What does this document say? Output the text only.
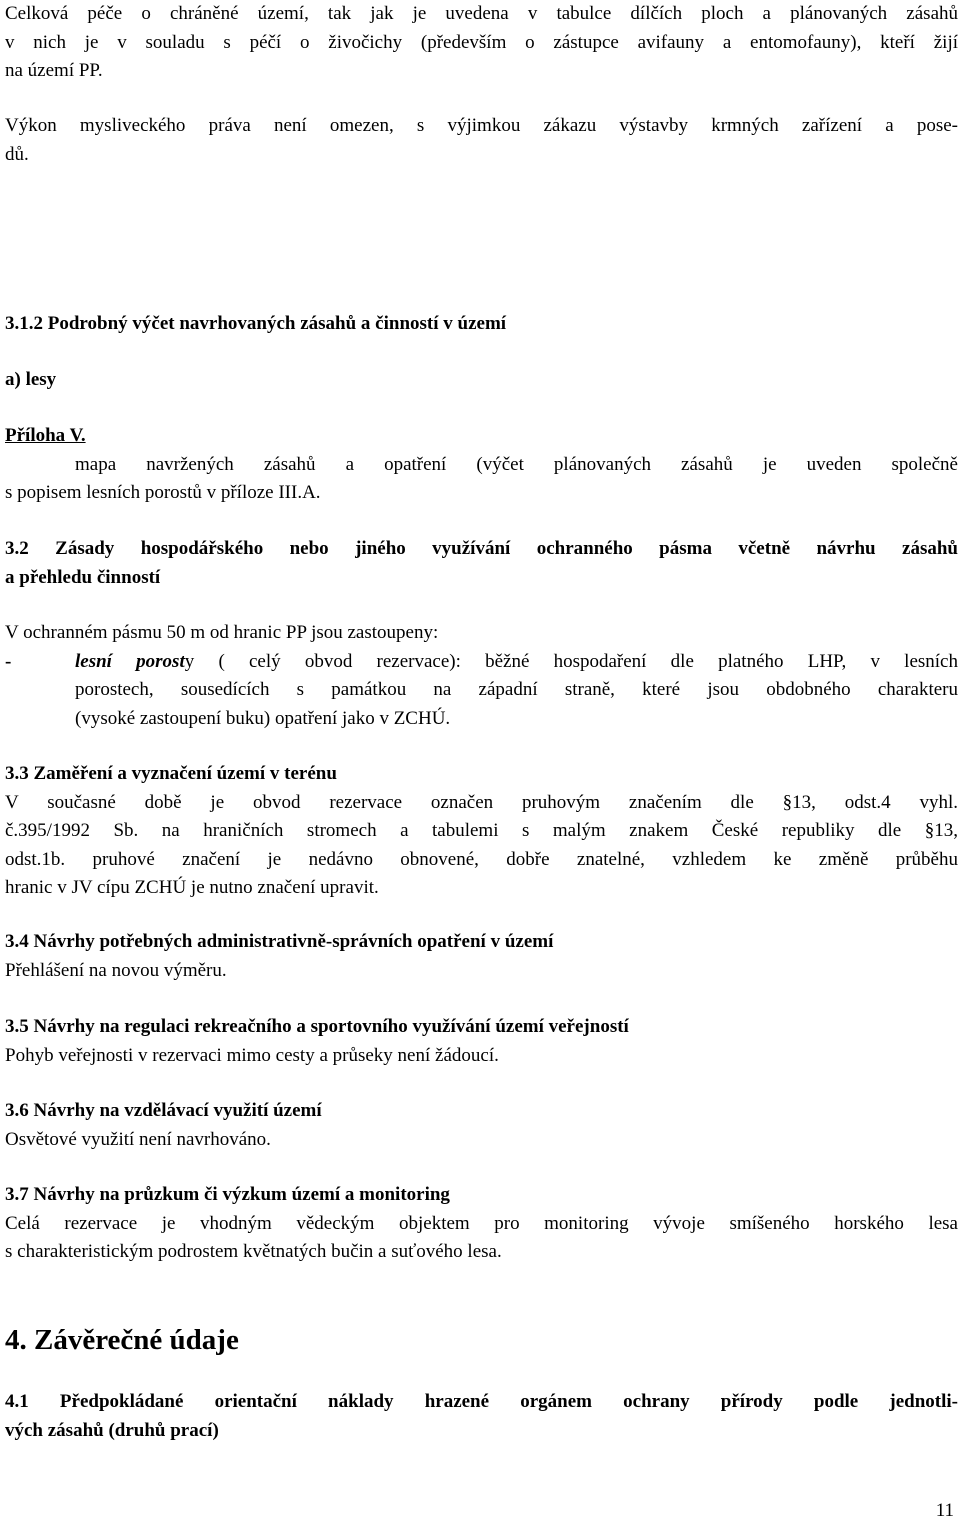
Celková péče o chráněné území, tak jak je uvedena v tabulce dílčích ploch a plánovaných zásahů
v nich je v souladu s péčí o živočichy (především o zástupce avifauny a entomofauny), kteří žijí
na území PP.
Výkon mysliveckého práva není omezen, s výjimkou zákazu výstavby krmných zařízení a pose-
dů.
3.1.2 Podrobný výčet navrhovaných zásahů a činností v území
a) lesy
Příloha V.
mapa navržených zásahů a opatření (výčet plánovaných zásahů je uveden společně
s popisem lesních porostů v příloze III.A.
3.2 Zásady hospodářského nebo jiného využívání ochranného pásma včetně návrhu zásahů
a přehledu činností
V ochranném pásmu 50 m od hranic PP jsou zastoupeny:
-	lesní porosty ( celý obvod rezervace): běžné hospodaření dle platného LHP, v lesních
porostech, sousedících s památkou na západní straně, které jsou obdobného charakteru
(vysoké zastoupení buku) opatření jako v ZCHÚ.
3.3 Zaměření a vyznačení území v terénu
V současné době je obvod rezervace označen pruhovým značením dle §13, odst.4 vyhl.
č.395/1992 Sb. na hraničních stromech a tabulemi s malým znakem České republiky dle §13,
odst.1b. pruhové značení je nedávno obnovené, dobře znatelné, vzhledem ke změně průběhu
hranic v JV cípu ZCHÚ je nutno značení upravit.
3.4 Návrhy potřebných administrativně-správních opatření v území
Přehlášení na novou výměru.
3.5 Návrhy na regulaci rekreačního a sportovního využívání území veřejností
Pohyb veřejnosti v rezervaci mimo cesty a průseky není žádoucí.
3.6 Návrhy na vzdělávací využití území
Osvětové využití není navrhováno.
3.7 Návrhy na průzkum či výzkum území a monitoring
Celá rezervace je vhodným vědeckým objektem pro monitoring vývoje smíšeného horského lesa
s charakteristickým podrostem květnatých bučin a suťového lesa.
4. Závěrečné údaje
4.1 Předpokládané orientační náklady hrazené orgánem ochrany přírody podle jednotli-
vých zásahů (druhů prací)
11
